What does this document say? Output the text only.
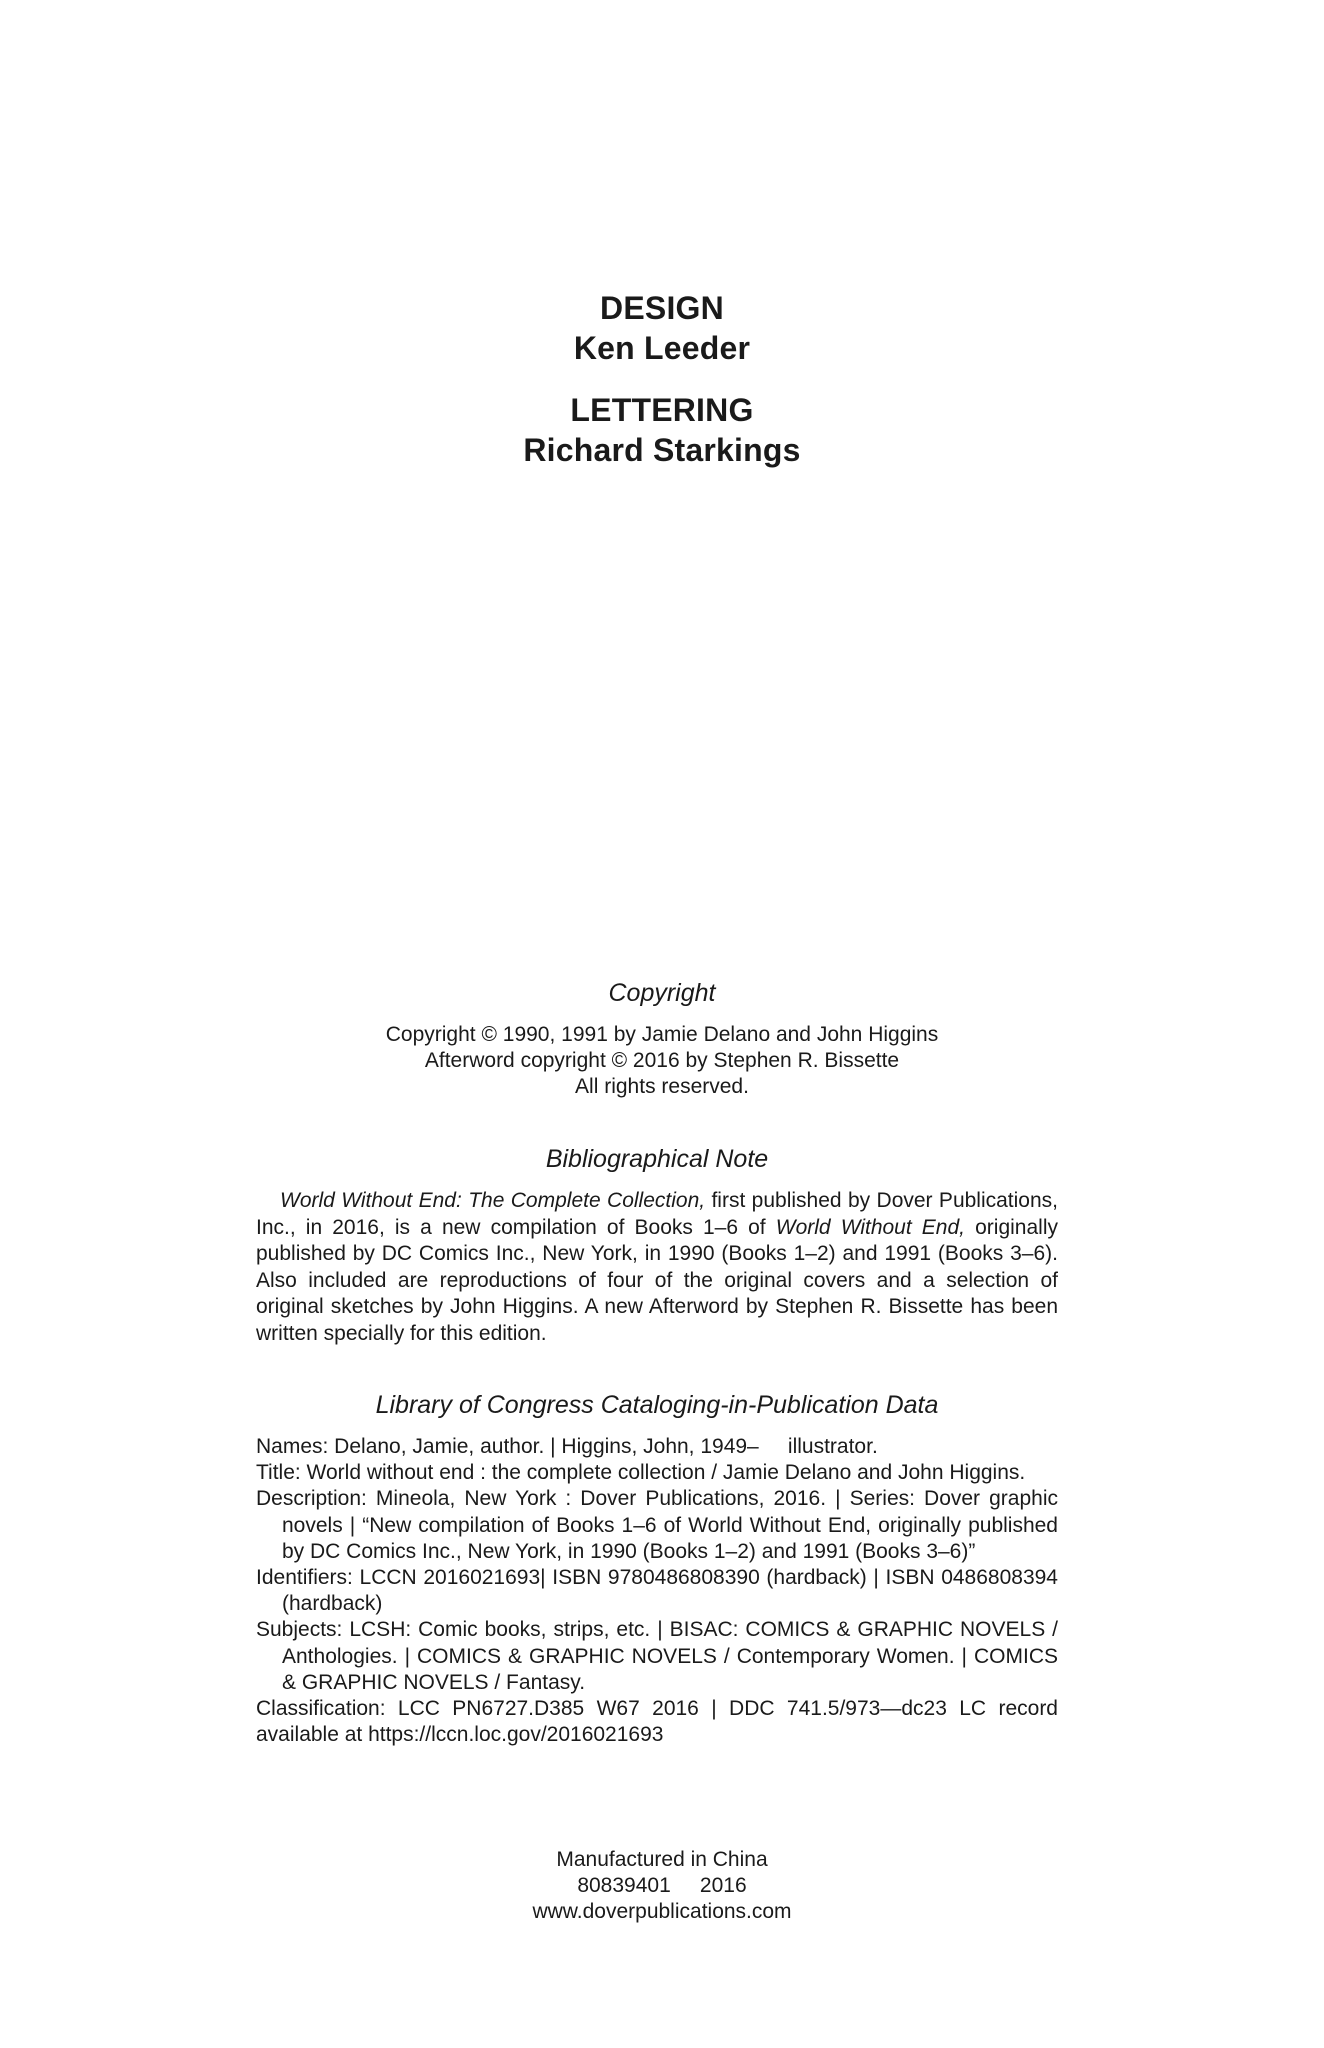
DESIGN
Ken Leeder
LETTERING
Richard Starkings
Copyright
Copyright © 1990, 1991 by Jamie Delano and John Higgins
Afterword copyright © 2016 by Stephen R. Bissette
All rights reserved.
Bibliographical Note

World Without End: The Complete Collection, first published by Dover Publications, Inc., in 2016, is a new compilation of Books 1–6 of World Without End, originally published by DC Comics Inc., New York, in 1990 (Books 1–2) and 1991 (Books 3–6). Also included are reproductions of four of the original covers and a selection of original sketches by John Higgins. A new Afterword by Stephen R. Bissette has been written specially for this edition.

Library of Congress Cataloging-in-Publication Data

Names: Delano, Jamie, author. | Higgins, John, 1949–     illustrator.

Title: World without end : the complete collection / Jamie Delano and John Higgins.

Description: Mineola, New York : Dover Publications, 2016. | Series: Dover graphic novels | “New compilation of Books 1–6 of World Without End, originally published by DC Comics Inc., New York, in 1990 (Books 1–2) and 1991 (Books 3–6)”

Identifiers: LCCN 2016021693| ISBN 9780486808390 (hardback) | ISBN 0486808394 (hardback)

Subjects: LCSH: Comic books, strips, etc. | BISAC: COMICS & GRAPHIC NOVELS / Anthologies. | COMICS & GRAPHIC NOVELS / Contemporary Women. | COMICS & GRAPHIC NOVELS / Fantasy.

Classification: LCC PN6727.D385 W67 2016 | DDC 741.5/973—dc23 LC record available at https://lccn.loc.gov/2016021693

Manufactured in China
80839401     2016
www.doverpublications.com
